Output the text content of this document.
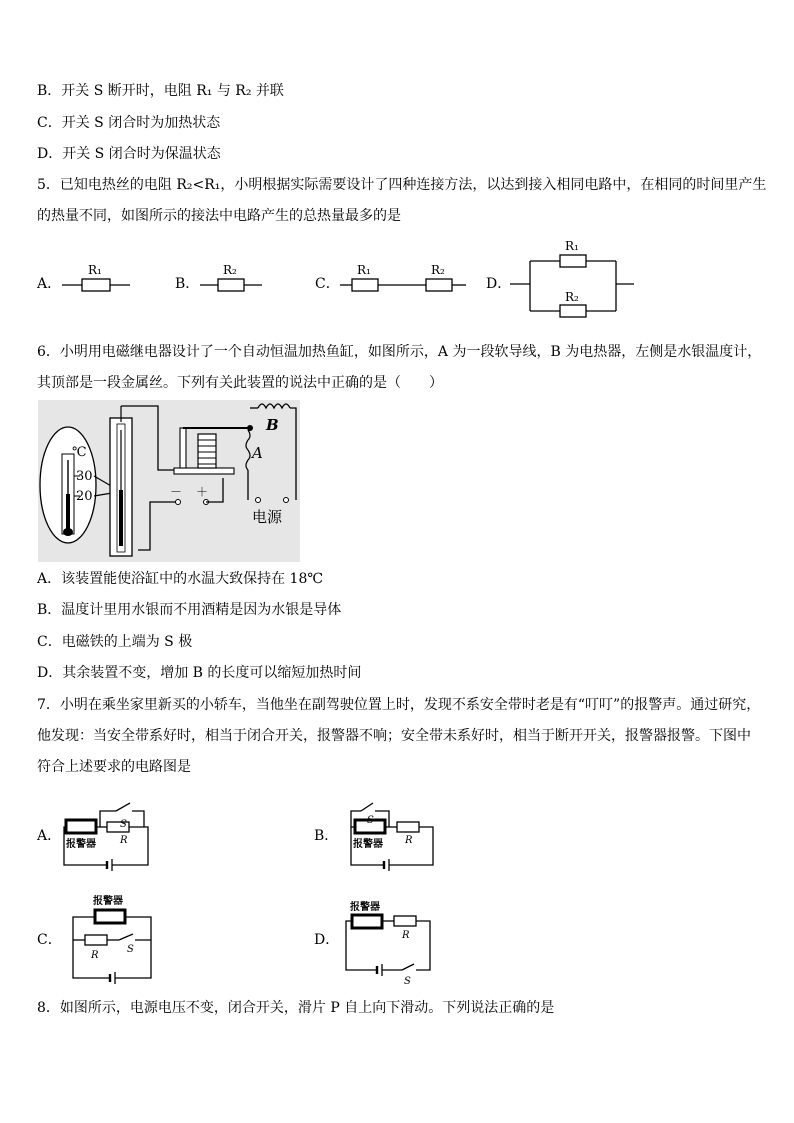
B．开关 S 断开时，电阻 R₁ 与 R₂ 并联
C．开关 S 闭合时为加热状态
D．开关 S 闭合时为保温状态
5．已知电热丝的电阻 R₂<R₁，小明根据实际需要设计了四种连接方法，以达到接入相同电路中，在相同的时间里产生
的热量不同，如图所示的接法中电路产生的总热量最多的是
A．
R₁
B．
R₂
C．
R₁	R₂
D．
R₁
R₂
6．小明用电磁继电器设计了一个自动恒温加热鱼缸，如图所示，A 为一段软导线，B 为电热器，左侧是水银温度计，
其顶部是一段金属丝。下列有关此装置的说法中正确的是（　　）
℃
30
20	－ ＋
B
A
电源
A．该装置能使浴缸中的水温大致保持在 18℃
B．温度计里用水银而不用酒精是因为水银是导体
C．电磁铁的上端为 S 极
D．其余装置不变，增加 B 的长度可以缩短加热时间
7．小明在乘坐家里新买的小轿车，当他坐在副驾驶位置上时，发现不系安全带时老是有“叮叮”的报警声。通过研究，
他发现：当安全带系好时，相当于闭合开关，报警器不响；安全带未系好时，相当于断开开关，报警器报警。下图中
符合上述要求的电路图是
A．
报警器
S
R	B．
报警器
S
R
C．
报警器
R
S
D．
报警器
R
S
8．如图所示，电源电压不变，闭合开关，滑片 P 自上向下滑动。下列说法正确的是
